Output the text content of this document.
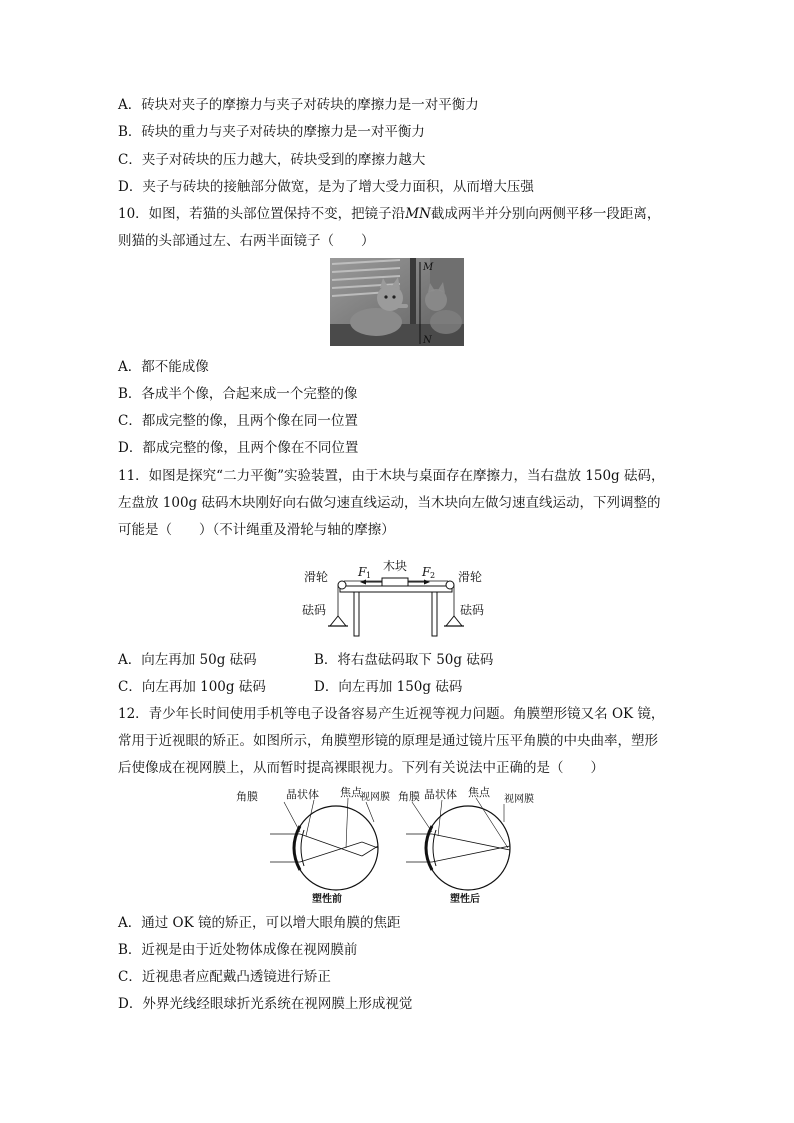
A．砖块对夹子的摩擦力与夹子对砖块的摩擦力是一对平衡力
B．砖块的重力与夹子对砖块的摩擦力是一对平衡力
C．夹子对砖块的压力越大，砖块受到的摩擦力越大
D．夹子与砖块的接触部分做宽，是为了增大受力面积，从而增大压强
10．如图，若猫的头部位置保持不变，把镜子沿MN截成两半并分别向两侧平移一段距离，
则猫的头部通过左、右两半面镜子（　　）
M
N
A．都不能成像
B．各成半个像，合起来成一个完整的像
C．都成完整的像，且两个像在同一位置
D．都成完整的像，且两个像在不同位置
11．如图是探究“二力平衡”实验装置，由于木块与桌面存在摩擦力，当右盘放 150g 砝码，
左盘放 100g 砝码木块刚好向右做匀速直线运动，当木块向左做匀速直线运动，下列调整的
可能是（　　）（不计绳重及滑轮与轴的摩擦）
木块
F 1	F 2
滑轮	滑轮
砝码	砝码
A．向左再加 50g 砝码	B．将右盘砝码取下 50g 砝码
C．向左再加 100g 砝码	D．向左再加 150g 砝码
12．青少年长时间使用手机等电子设备容易产生近视等视力问题。角膜塑形镜又名 OK 镜，
常用于近视眼的矫正。如图所示，角膜塑形镜的原理是通过镜片压平角膜的中央曲率，塑形
后使像成在视网膜上，从而暂时提高裸眼视力。下列有关说法中正确的是（　　）
角膜	晶状体 焦点
视网膜
塑性前
角膜 晶状体 焦点
视网膜
塑性后
A．通过 OK 镜的矫正，可以增大眼角膜的焦距
B．近视是由于近处物体成像在视网膜前
C．近视患者应配戴凸透镜进行矫正
D．外界光线经眼球折光系统在视网膜上形成视觉
